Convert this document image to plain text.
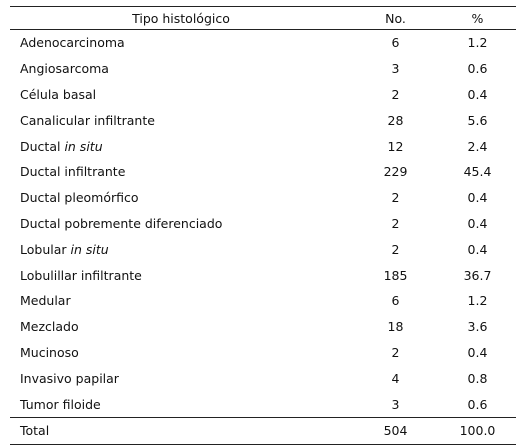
Tipo histológico	No.	%
Adenocarcinoma	6	1.2
Angiosarcoma	3	0.6
Célula basal	2	0.4
Canalicular infiltrante	28	5.6
Ductal in situ	12	2.4
Ductal infiltrante	229	45.4
Ductal pleomórfico	2	0.4
Ductal pobremente diferenciado	2	0.4
Lobular in situ	2	0.4
Lobulillar infiltrante	185	36.7
Medular	6	1.2
Mezclado	18	3.6
Mucinoso	2	0.4
Invasivo papilar	4	0.8
Tumor filoide	3	0.6
Total	504	100.0
